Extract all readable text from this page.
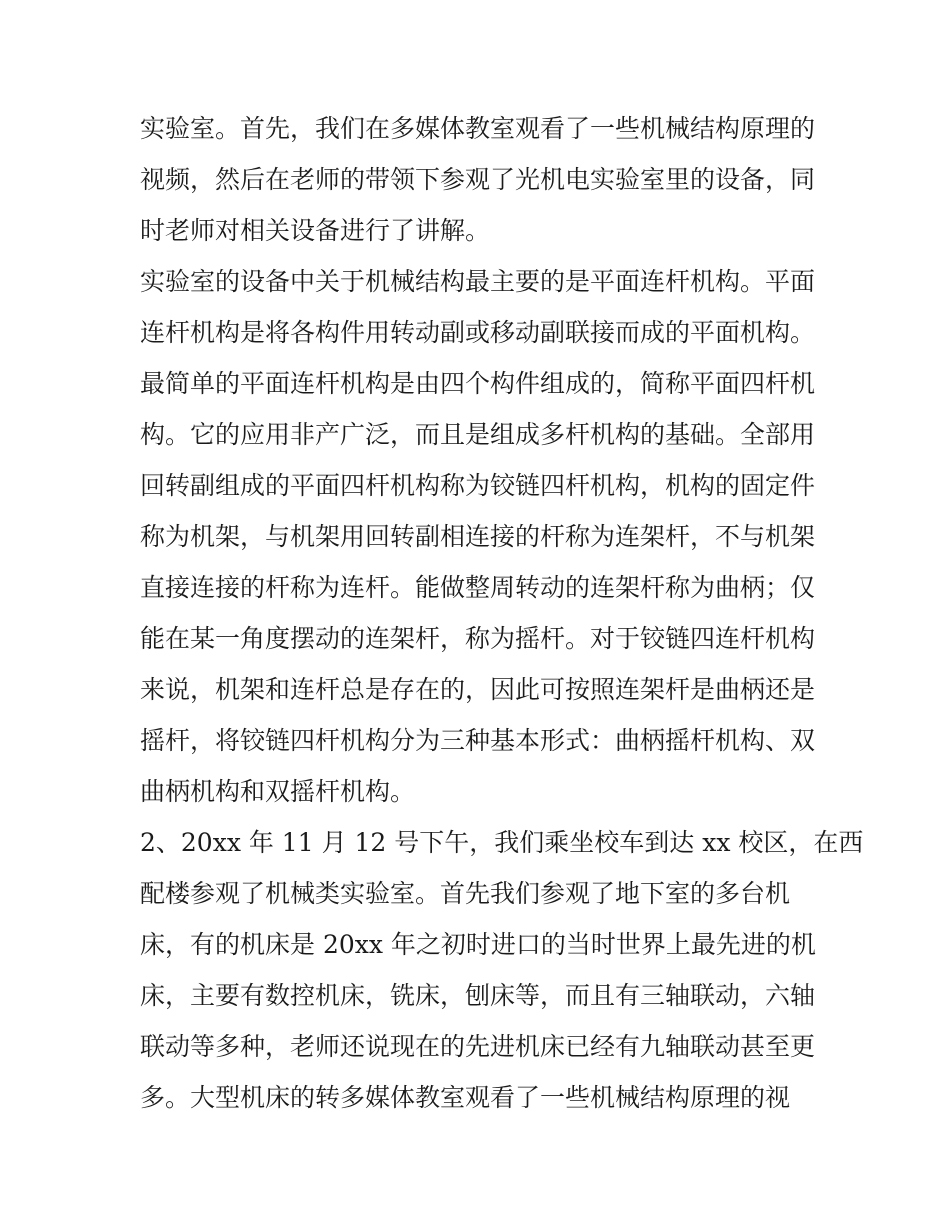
实验室。首先，我们在多媒体教室观看了一些机械结构原理的
视频，然后在老师的带领下参观了光机电实验室里的设备，同
时老师对相关设备进行了讲解。
实验室的设备中关于机械结构最主要的是平面连杆机构。平面
连杆机构是将各构件用转动副或移动副联接而成的平面机构。
最简单的平面连杆机构是由四个构件组成的，简称平面四杆机
构。它的应用非产广泛，而且是组成多杆机构的基础。全部用
回转副组成的平面四杆机构称为铰链四杆机构，机构的固定件
称为机架，与机架用回转副相连接的杆称为连架杆，不与机架
直接连接的杆称为连杆。能做整周转动的连架杆称为曲柄；仅
能在某一角度摆动的连架杆，称为摇杆。对于铰链四连杆机构
来说，机架和连杆总是存在的，因此可按照连架杆是曲柄还是
摇杆，将铰链四杆机构分为三种基本形式：曲柄摇杆机构、双
曲柄机构和双摇杆机构。
2、20xx 年 11 月 12 号下午，我们乘坐校车到达 xx 校区，在西
配楼参观了机械类实验室。首先我们参观了地下室的多台机
床，有的机床是 20xx 年之初时进口的当时世界上最先进的机
床，主要有数控机床，铣床，刨床等，而且有三轴联动，六轴
联动等多种，老师还说现在的先进机床已经有九轴联动甚至更
多。大型机床的转多媒体教室观看了一些机械结构原理的视
